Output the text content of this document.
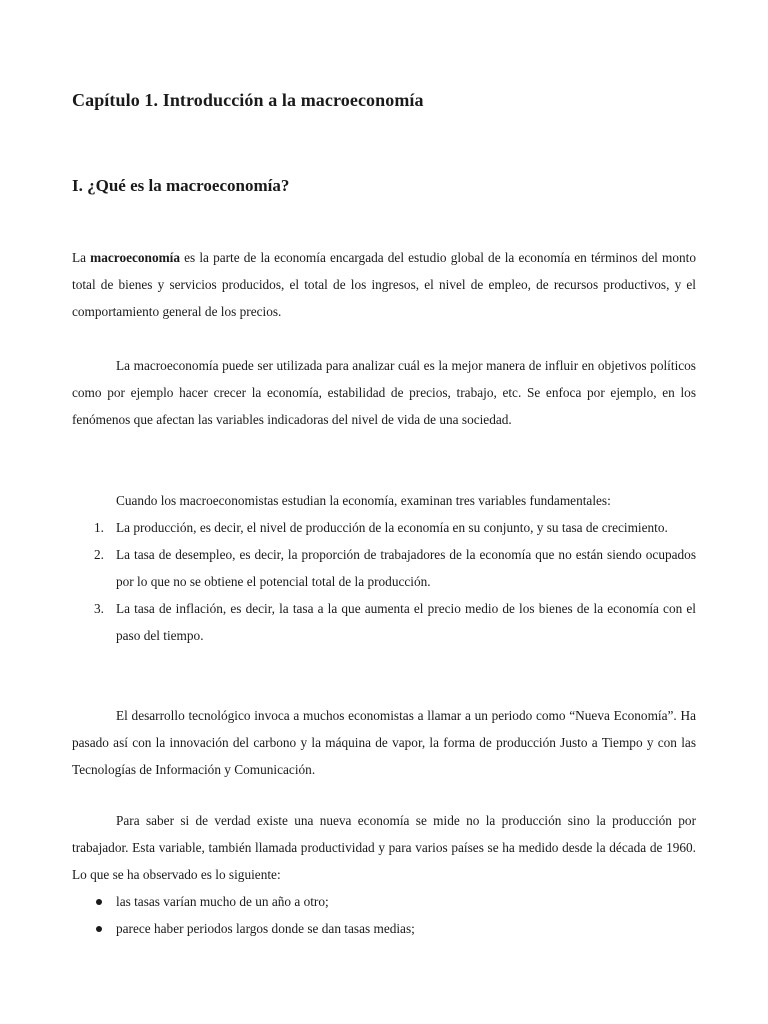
Capítulo 1. Introducción a la macroeconomía
I. ¿Qué es la macroeconomía?

La macroeconomía es la parte de la economía encargada del estudio global de la economía en términos del monto total de bienes y servicios producidos, el total de los ingresos, el nivel de empleo, de recursos productivos, y el comportamiento general de los precios.

La macroeconomía puede ser utilizada para analizar cuál es la mejor manera de influir en objetivos políticos como por ejemplo hacer crecer la economía, estabilidad de precios, trabajo, etc. Se enfoca por ejemplo, en los fenómenos que afectan las variables indicadoras del nivel de vida de una sociedad.

Cuando los macroeconomistas estudian la economía, examinan tres variables fundamentales:

1. La producción, es decir, el nivel de producción de la economía en su conjunto, y su tasa de crecimiento.
2. La tasa de desempleo, es decir, la proporción de trabajadores de la economía que no están siendo ocupados por lo que no se obtiene el potencial total de la producción.
3. La tasa de inflación, es decir, la tasa a la que aumenta el precio medio de los bienes de la economía con el paso del tiempo.

El desarrollo tecnológico invoca a muchos economistas a llamar a un periodo como “Nueva Economía”. Ha pasado así con la innovación del carbono y la máquina de vapor, la forma de producción Justo a Tiempo y con las Tecnologías de Información y Comunicación.

Para saber si de verdad existe una nueva economía se mide no la producción sino la producción por trabajador. Esta variable, también llamada productividad y para varios países se ha medido desde la década de 1960. Lo que se ha observado es lo siguiente:

las tasas varían mucho de un año a otro;
parece haber periodos largos donde se dan tasas medias;
